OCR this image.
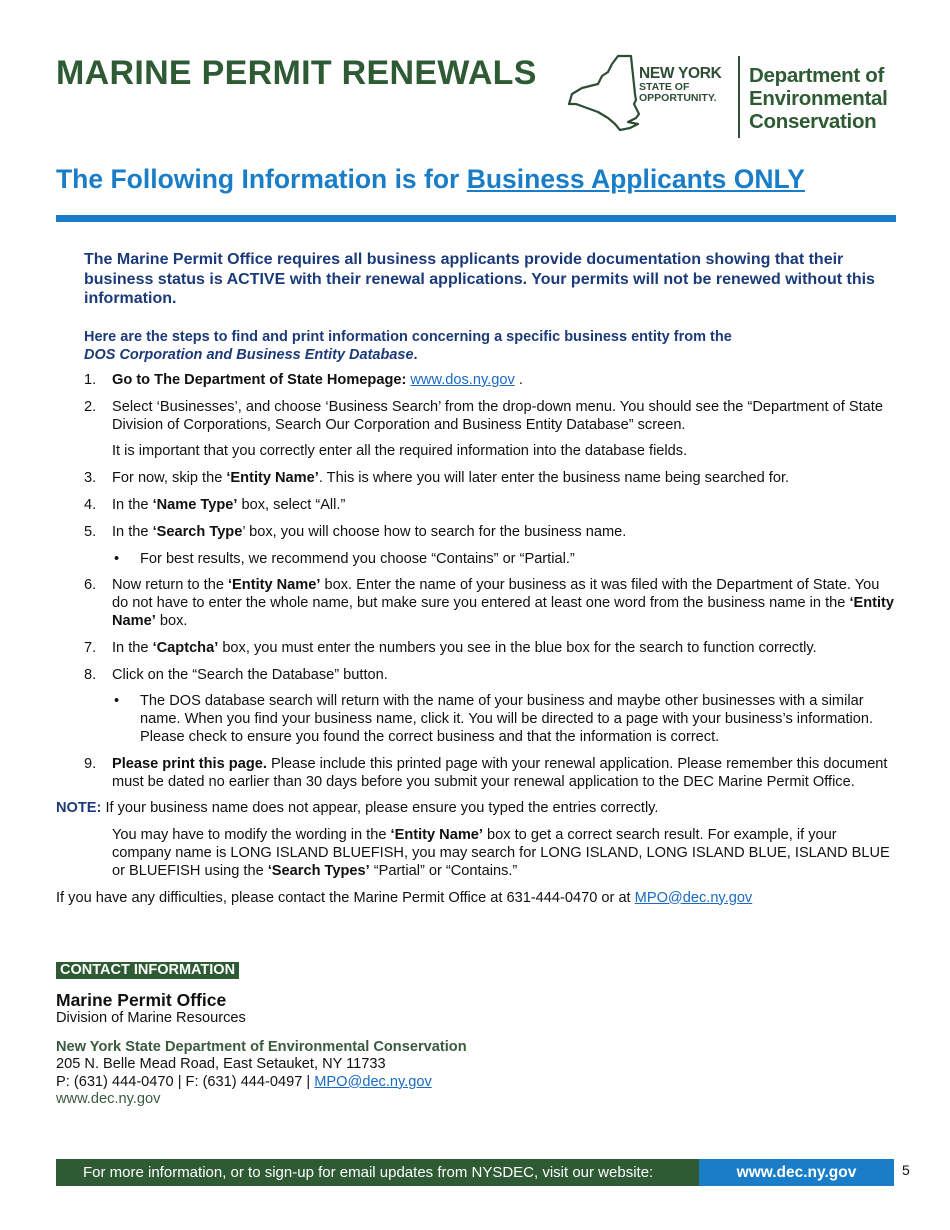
MARINE PERMIT RENEWALS	NEW YORK
STATE OF
OPPORTUNITY.
Department of
Environmental
Conservation
The Following Information is for Business Applicants ONLY
The Marine Permit Office requires all business applicants provide documentation showing that their business status is ACTIVE with their renewal applications. Your permits will not be renewed without this information.
Here are the steps to find and print information concerning a specific business entity from the
DOS Corporation and Business Entity Database.
1. Go to The Department of State Homepage: www.dos.ny.gov .
2. Select ‘Businesses’, and choose ‘Business Search’ from the drop-down menu. You should see the “Department of State Division of Corporations, Search Our Corporation and Business Entity Database” screen.
It is important that you correctly enter all the required information into the database fields.
3. For now, skip the ‘Entity Name’. This is where you will later enter the business name being searched for.
4. In the ‘Name Type’ box, select “All.”
5. In the ‘Search Type’ box, you will choose how to search for the business name.
• For best results, we recommend you choose “Contains” or “Partial.”
6. Now return to the ‘Entity Name’ box. Enter the name of your business as it was filed with the Department of State. You do not have to enter the whole name, but make sure you entered at least one word from the business name in the ‘Entity Name’ box.
7. In the ‘Captcha’ box, you must enter the numbers you see in the blue box for the search to function correctly.
8. Click on the “Search the Database” button.
• The DOS database search will return with the name of your business and maybe other businesses with a similar name. When you find your business name, click it. You will be directed to a page with your business’s information. Please check to ensure you found the correct business and that the information is correct.
9. Please print this page. Please include this printed page with your renewal application. Please remember this document must be dated no earlier than 30 days before you submit your renewal application to the DEC Marine Permit Office.
NOTE: If your business name does not appear, please ensure you typed the entries correctly.
You may have to modify the wording in the ‘Entity Name’ box to get a correct search result. For example, if your company name is LONG ISLAND BLUEFISH, you may search for LONG ISLAND, LONG ISLAND BLUE, ISLAND BLUE or BLUEFISH using the ‘Search Types’ “Partial” or “Contains.”
If you have any difficulties, please contact the Marine Permit Office at 631-444-0470 or at MPO@dec.ny.gov
CONTACT INFORMATION
Marine Permit Office
Division of Marine Resources
New York State Department of Environmental Conservation
205 N. Belle Mead Road, East Setauket, NY 11733
P: (631) 444-0470 | F: (631) 444-0497 | MPO@dec.ny.gov
www.dec.ny.gov
For more information, or to sign-up for email updates from NYSDEC, visit our website:	www.dec.ny.gov	5
